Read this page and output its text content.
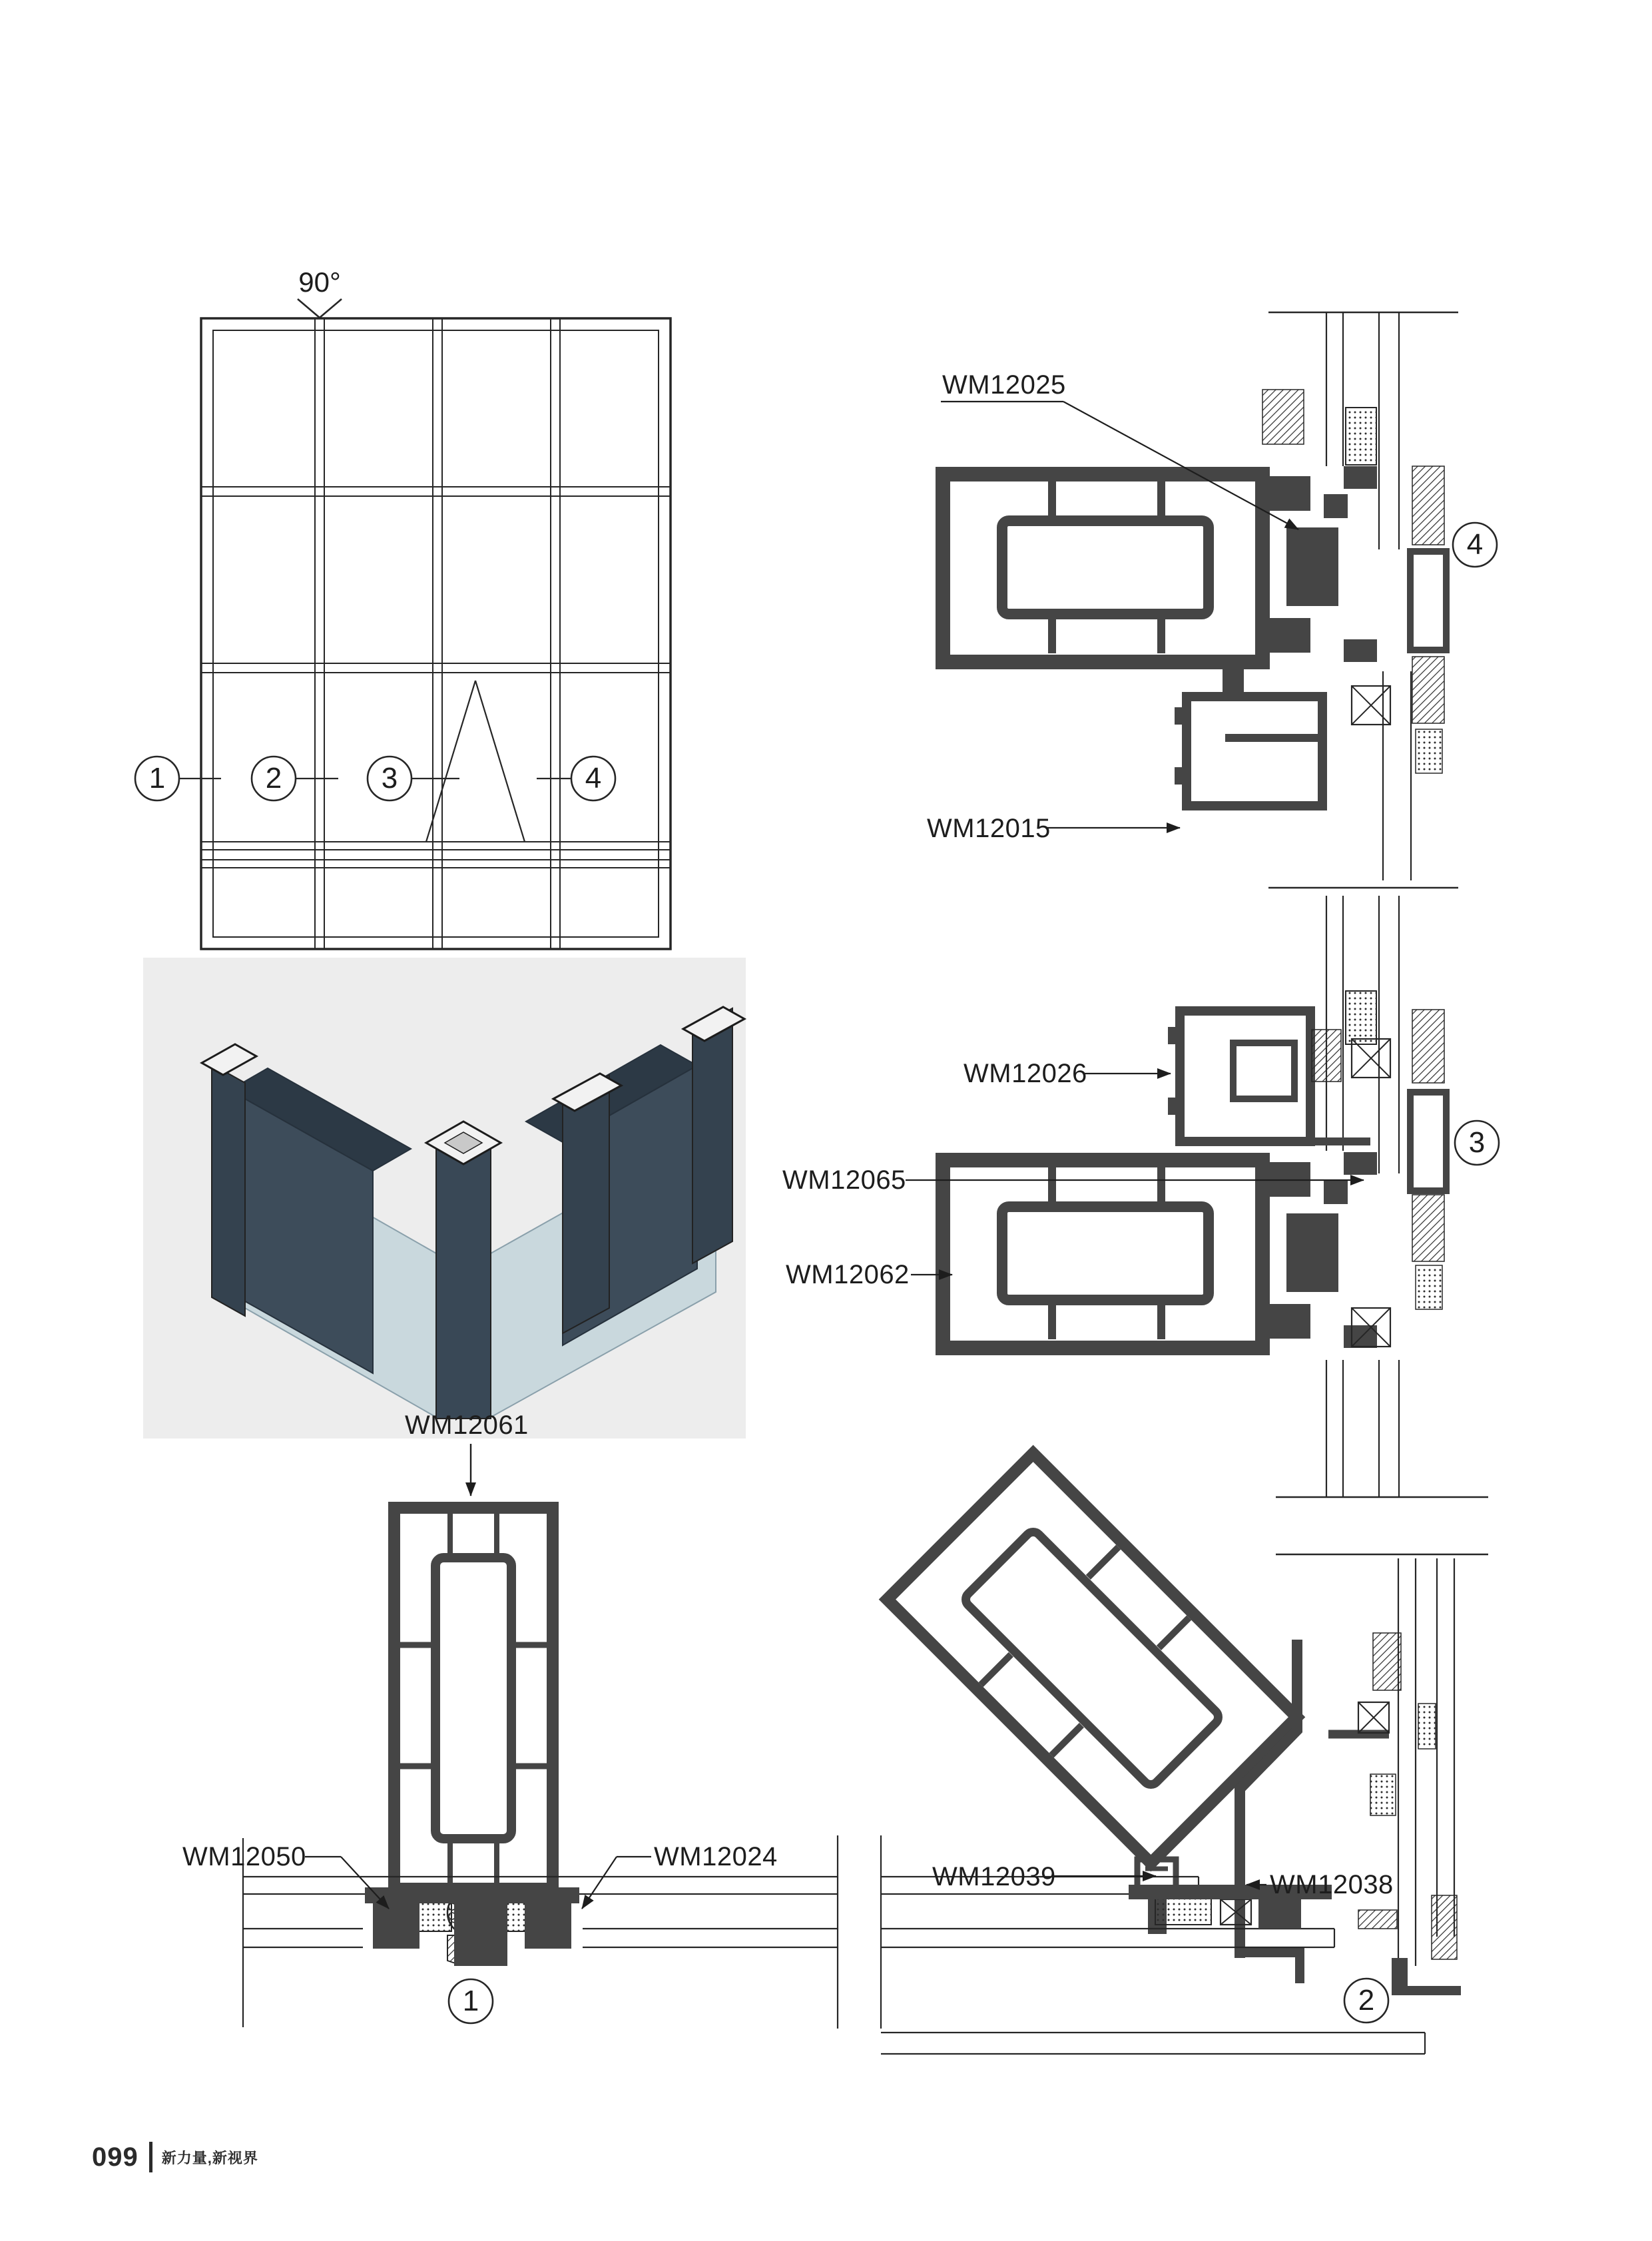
90°
1	2	3	4
WM12025
WM12015
4
WM12026
WM12065
WM12062
3
WM12061
WM12050	WM12024
1
WM12039	WM12038
2
099 新力量,新视界
